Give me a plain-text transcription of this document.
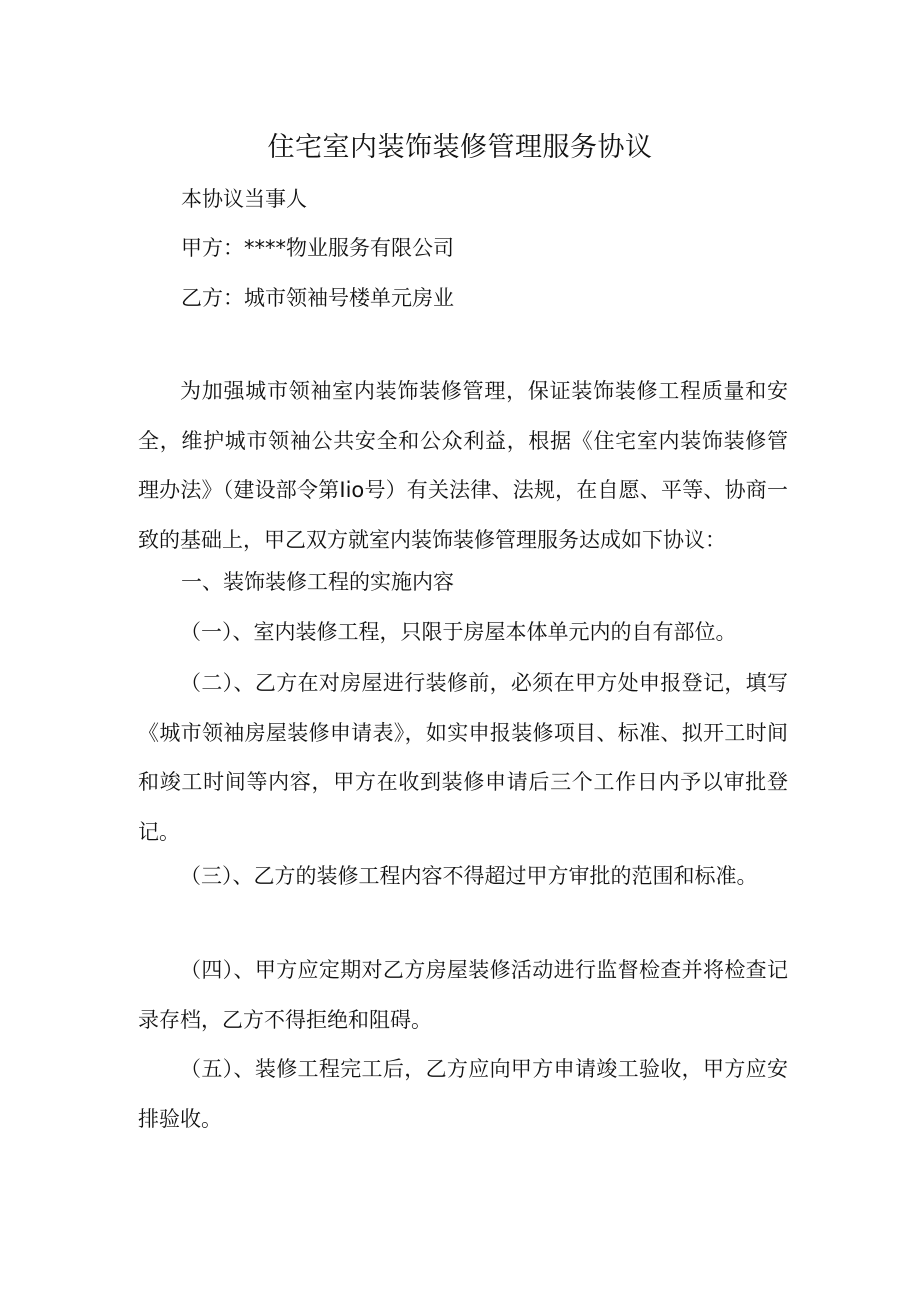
住宅室内装饰装修管理服务协议
本协议当事人
甲方：****物业服务有限公司
乙方：城市领袖号楼单元房业
为加强城市领袖室内装饰装修管理，保证装饰装修工程质量和安全，维护城市领袖公共安全和公众利益，根据《住宅室内装饰装修管理办法》（建设部令第Iio号）有关法律、法规，在自愿、平等、协商一致的基础上，甲乙双方就室内装饰装修管理服务达成如下协议：
一、装饰装修工程的实施内容
（一）、室内装修工程，只限于房屋本体单元内的自有部位。
（二）、乙方在对房屋进行装修前，必须在甲方处申报登记，填写《城市领袖房屋装修申请表》，如实申报装修项目、标准、拟开工时间和竣工时间等内容，甲方在收到装修申请后三个工作日内予以审批登记。
（三）、乙方的装修工程内容不得超过甲方审批的范围和标准。
（四）、甲方应定期对乙方房屋装修活动进行监督检查并将检查记录存档，乙方不得拒绝和阻碍。
（五）、装修工程完工后，乙方应向甲方申请竣工验收，甲方应安排验收。
